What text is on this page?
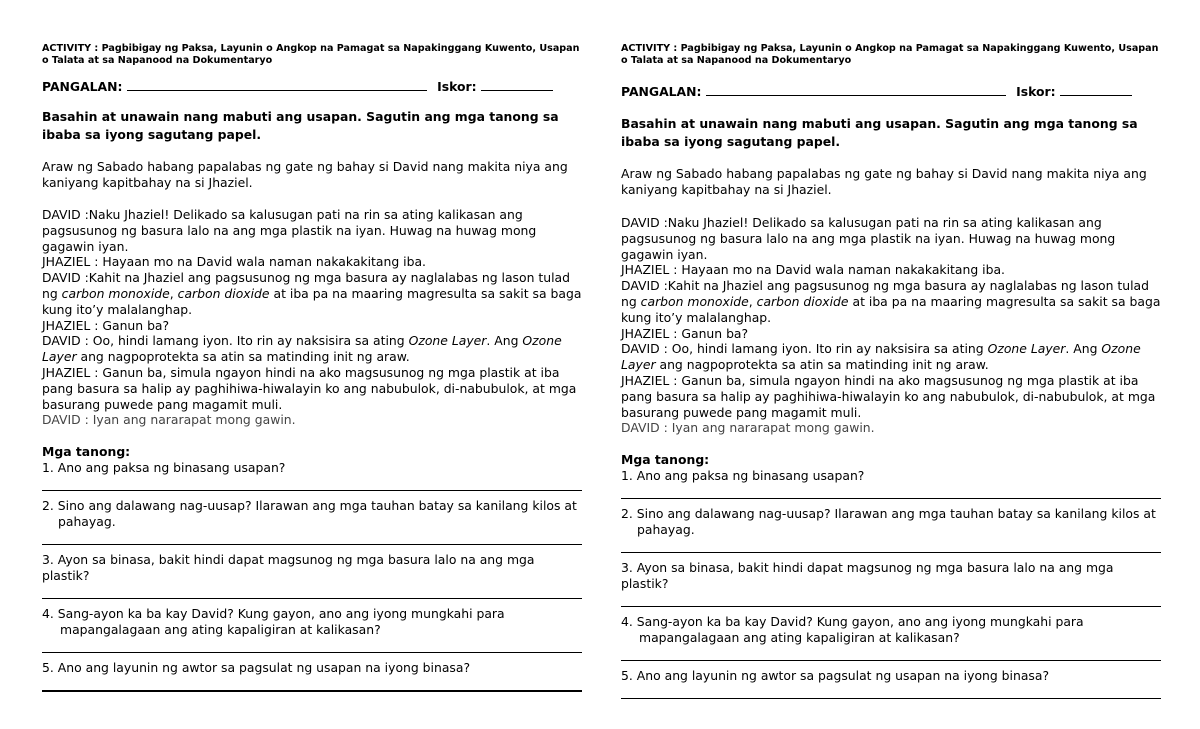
ACTIVITY : Pagbibigay ng Paksa, Layunin o Angkop na Pamagat sa Napakinggang Kuwento, Usapan o Talata at sa Napanood na Dokumentaryo
PANGALAN:	Iskor:
Basahin at unawain nang mabuti ang usapan. Sagutin ang mga tanong sa ibaba sa iyong sagutang papel.
Araw ng Sabado habang papalabas ng gate ng bahay si David nang makita niya ang kaniyang kapitbahay na si Jhaziel.

DAVID :Naku Jhaziel! Delikado sa kalusugan pati na rin sa ating kalikasan ang pagsusunog ng basura lalo na ang mga plastik na iyan. Huwag na huwag mong gagawin iyan.

JHAZIEL : Hayaan mo na David wala naman nakakakitang iba.

DAVID :Kahit na Jhaziel ang pagsusunog ng mga basura ay naglalabas ng lason tulad ng carbon monoxide, carbon dioxide at iba pa na maaring magresulta sa sakit sa baga kung ito’y malalanghap.

JHAZIEL : Ganun ba?

DAVID : Oo, hindi lamang iyon. Ito rin ay naksisira sa ating Ozone Layer. Ang Ozone Layer ang nagpoprotekta sa atin sa matinding init ng araw.

JHAZIEL : Ganun ba, simula ngayon hindi na ako magsusunog ng mga plastik at iba pang basura sa halip ay paghihiwa-hiwalayin ko ang nabubulok, di-nabubulok, at mga basurang puwede pang magamit muli.

DAVID : Iyan ang nararapat mong gawin.

Mga tanong:

1. Ano ang paksa ng binasang usapan?

2. Sino ang dalawang nag-uusap? Ilarawan ang mga tauhan batay sa kanilang kilos at
pahayag.

3. Ayon sa binasa, bakit hindi dapat magsunog ng mga basura lalo na ang mga plastik?

4. Sang-ayon ka ba kay David? Kung gayon, ano ang iyong mungkahi para
mapangalagaan ang ating kapaligiran at kalikasan?

5. Ano ang layunin ng awtor sa pagsulat ng usapan na iyong binasa?

ACTIVITY : Pagbibigay ng Paksa, Layunin o Angkop na Pamagat sa Napakinggang Kuwento, Usapan o Talata at sa Napanood na Dokumentaryo
PANGALAN:	Iskor:
Basahin at unawain nang mabuti ang usapan. Sagutin ang mga tanong sa ibaba sa iyong sagutang papel.
Araw ng Sabado habang papalabas ng gate ng bahay si David nang makita niya ang kaniyang kapitbahay na si Jhaziel.

DAVID :Naku Jhaziel! Delikado sa kalusugan pati na rin sa ating kalikasan ang pagsusunog ng basura lalo na ang mga plastik na iyan. Huwag na huwag mong gagawin iyan.

JHAZIEL : Hayaan mo na David wala naman nakakakitang iba.

DAVID :Kahit na Jhaziel ang pagsusunog ng mga basura ay naglalabas ng lason tulad ng carbon monoxide, carbon dioxide at iba pa na maaring magresulta sa sakit sa baga kung ito’y malalanghap.

JHAZIEL : Ganun ba?

DAVID : Oo, hindi lamang iyon. Ito rin ay naksisira sa ating Ozone Layer. Ang Ozone Layer ang nagpoprotekta sa atin sa matinding init ng araw.

JHAZIEL : Ganun ba, simula ngayon hindi na ako magsusunog ng mga plastik at iba pang basura sa halip ay paghihiwa-hiwalayin ko ang nabubulok, di-nabubulok, at mga basurang puwede pang magamit muli.

DAVID : Iyan ang nararapat mong gawin.

Mga tanong:

1. Ano ang paksa ng binasang usapan?

2. Sino ang dalawang nag-uusap? Ilarawan ang mga tauhan batay sa kanilang kilos at
pahayag.

3. Ayon sa binasa, bakit hindi dapat magsunog ng mga basura lalo na ang mga plastik?

4. Sang-ayon ka ba kay David? Kung gayon, ano ang iyong mungkahi para
mapangalagaan ang ating kapaligiran at kalikasan?

5. Ano ang layunin ng awtor sa pagsulat ng usapan na iyong binasa?
